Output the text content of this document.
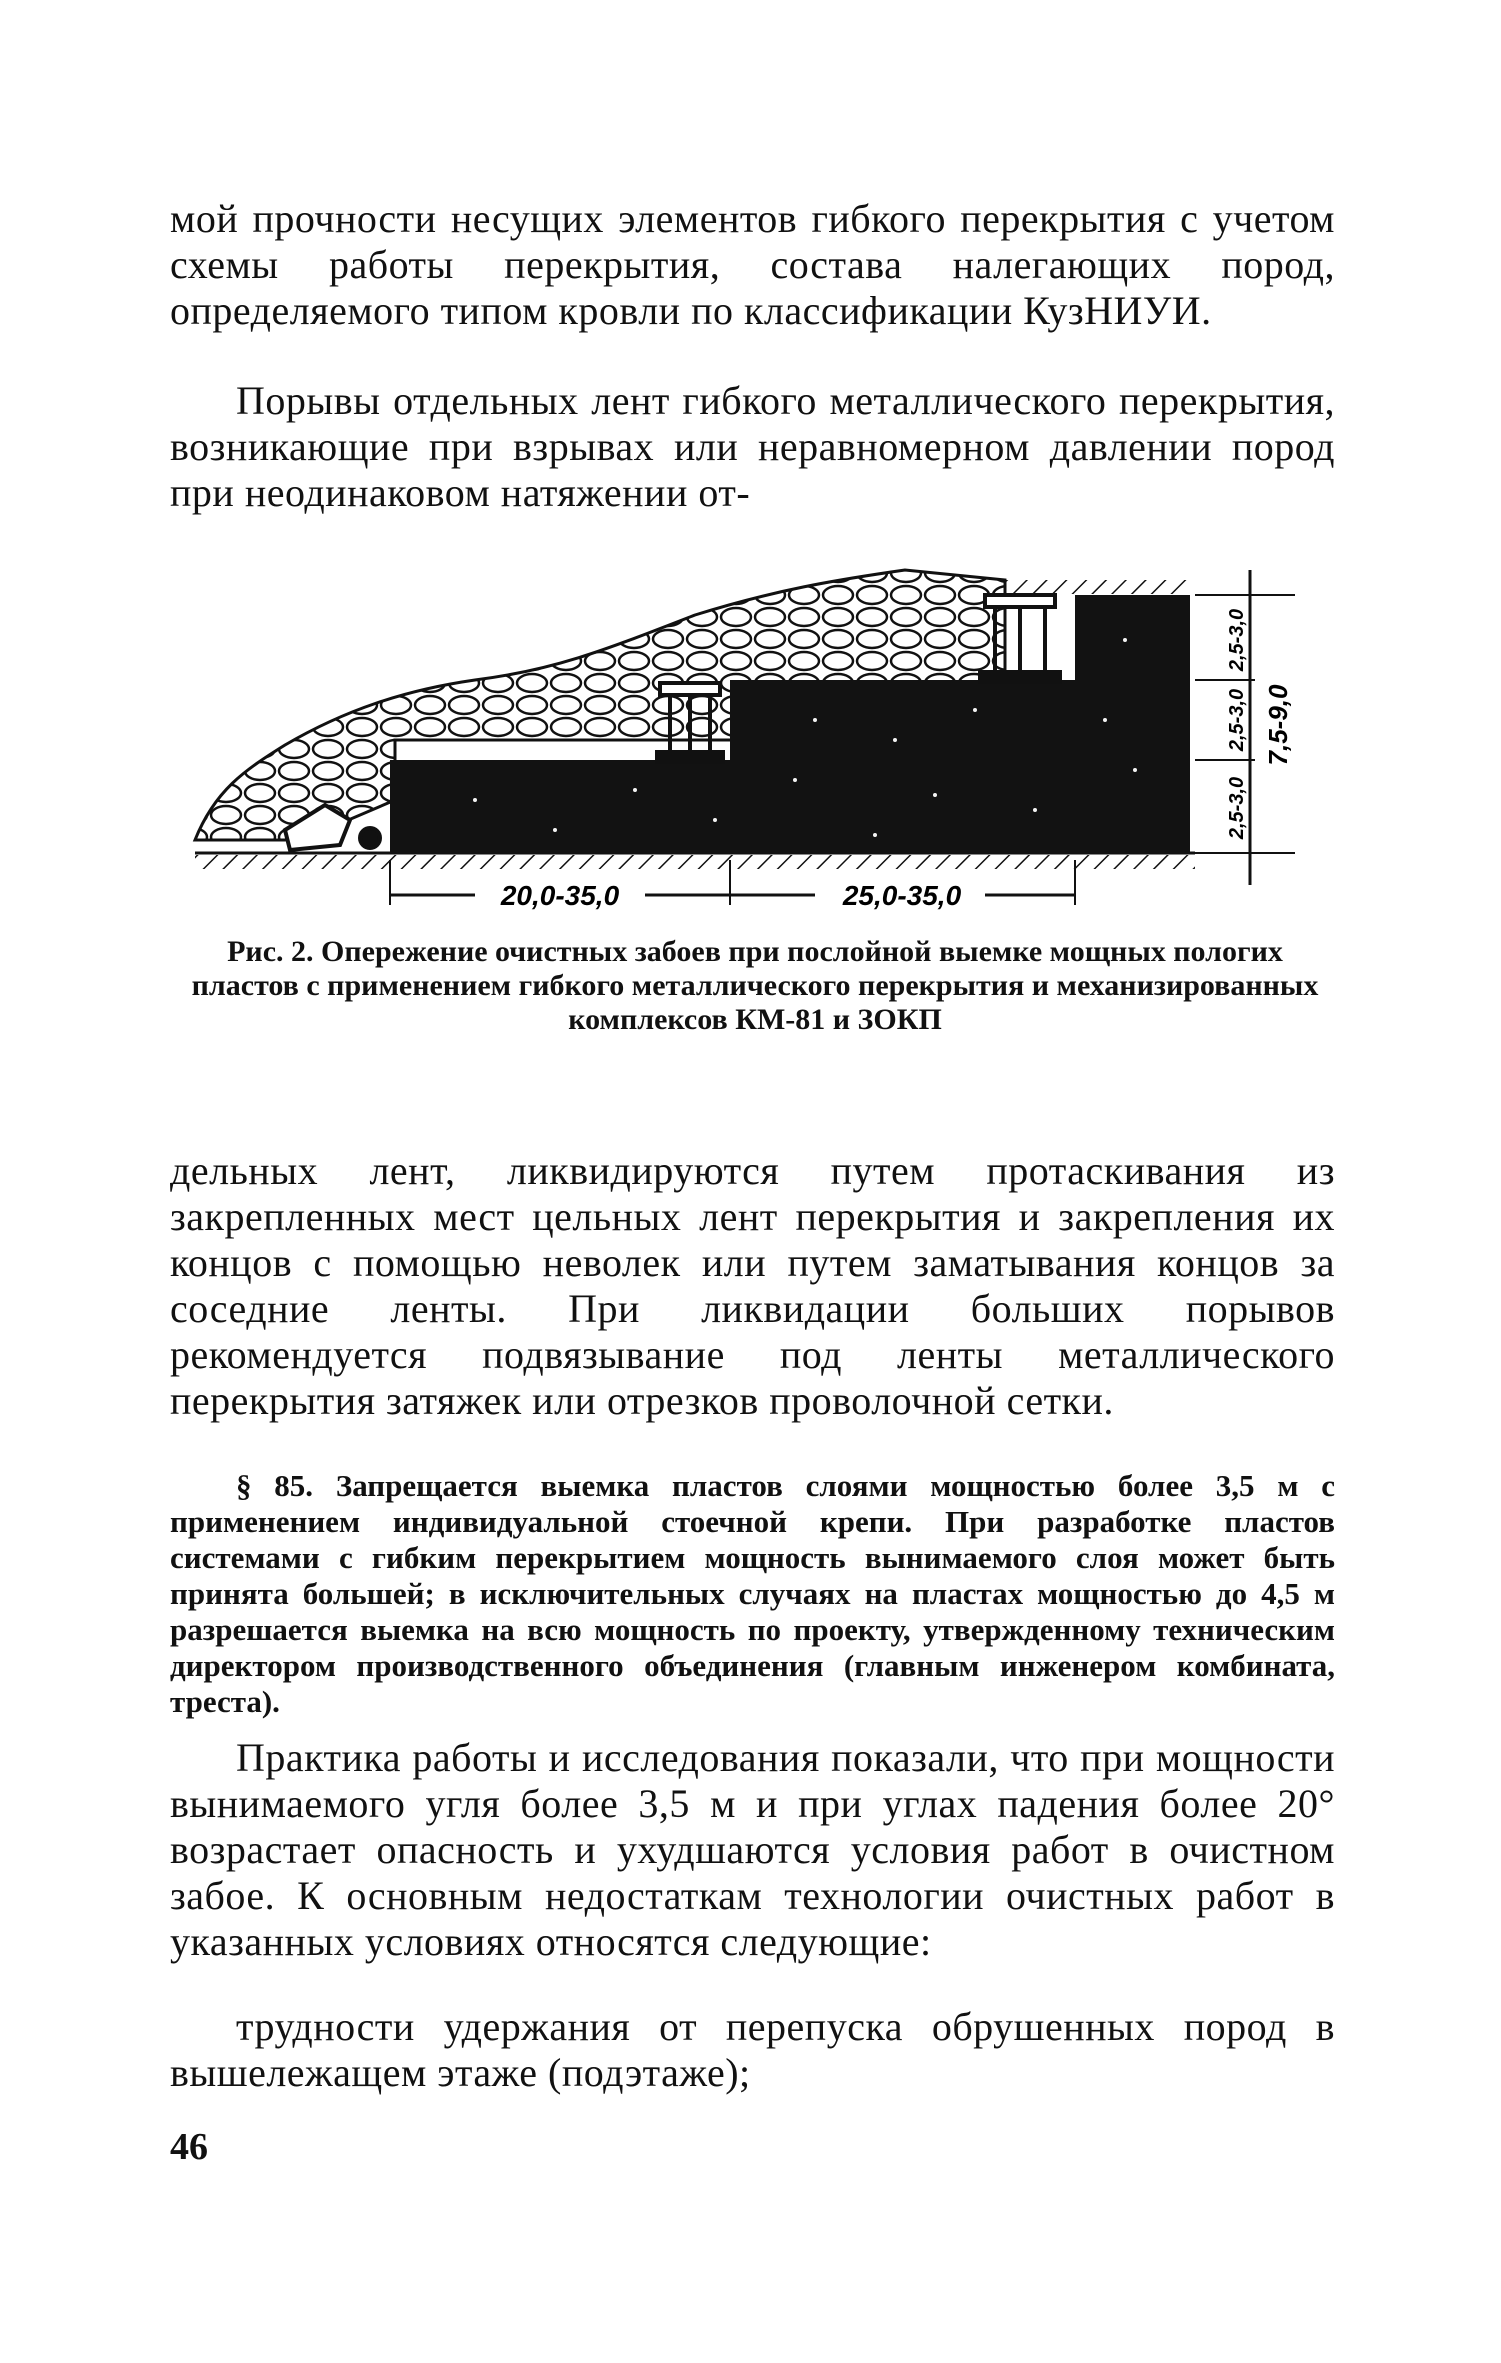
мой прочности несущих элементов гибкого перекрытия с учетом схемы работы перекрытия, состава налегающих пород, определяемого типом кровли по классификации КузНИУИ.

Порывы отдельных лент гибкого металлического перекрытия, возникающие при взрывах или неравномерном давлении пород при неодинаковом натяжении от-

20,0-35,0	25,0-35,0
7,5-9,0
2,5-3,0
2,5-3,0
2,5-3,0

Рис. 2. Опережение очистных забоев при послойной выемке мощных пологих пластов с применением гибкого металлического перекрытия и механизированных комплексов КМ-81 и ЗОКП

дельных лент, ликвидируются путем протаскивания из закрепленных мест цельных лент перекрытия и закрепления их концов с помощью неволек или путем заматывания концов за соседние ленты. При ликвидации больших порывов рекомендуется подвязывание под ленты металлического перекрытия затяжек или отрезков проволочной сетки.

§ 85. Запрещается выемка пластов слоями мощностью более 3,5 м с применением индивидуальной стоечной крепи. При разработке пластов системами с гибким перекрытием мощность вынимаемого слоя может быть принята большей; в исключительных случаях на пластах мощностью до 4,5 м разрешается выемка на всю мощность по проекту, утвержденному техническим директором производственного объединения (главным инженером комбината, треста).

Практика работы и исследования показали, что при мощности вынимаемого угля более 3,5 м и при углах падения более 20° возрастает опасность и ухудшаются условия работ в очистном забое. К основным недостаткам технологии очистных работ в указанных условиях относятся следующие:

трудности удержания от перепуска обрушенных пород в вышележащем этаже (подэтаже);

46
